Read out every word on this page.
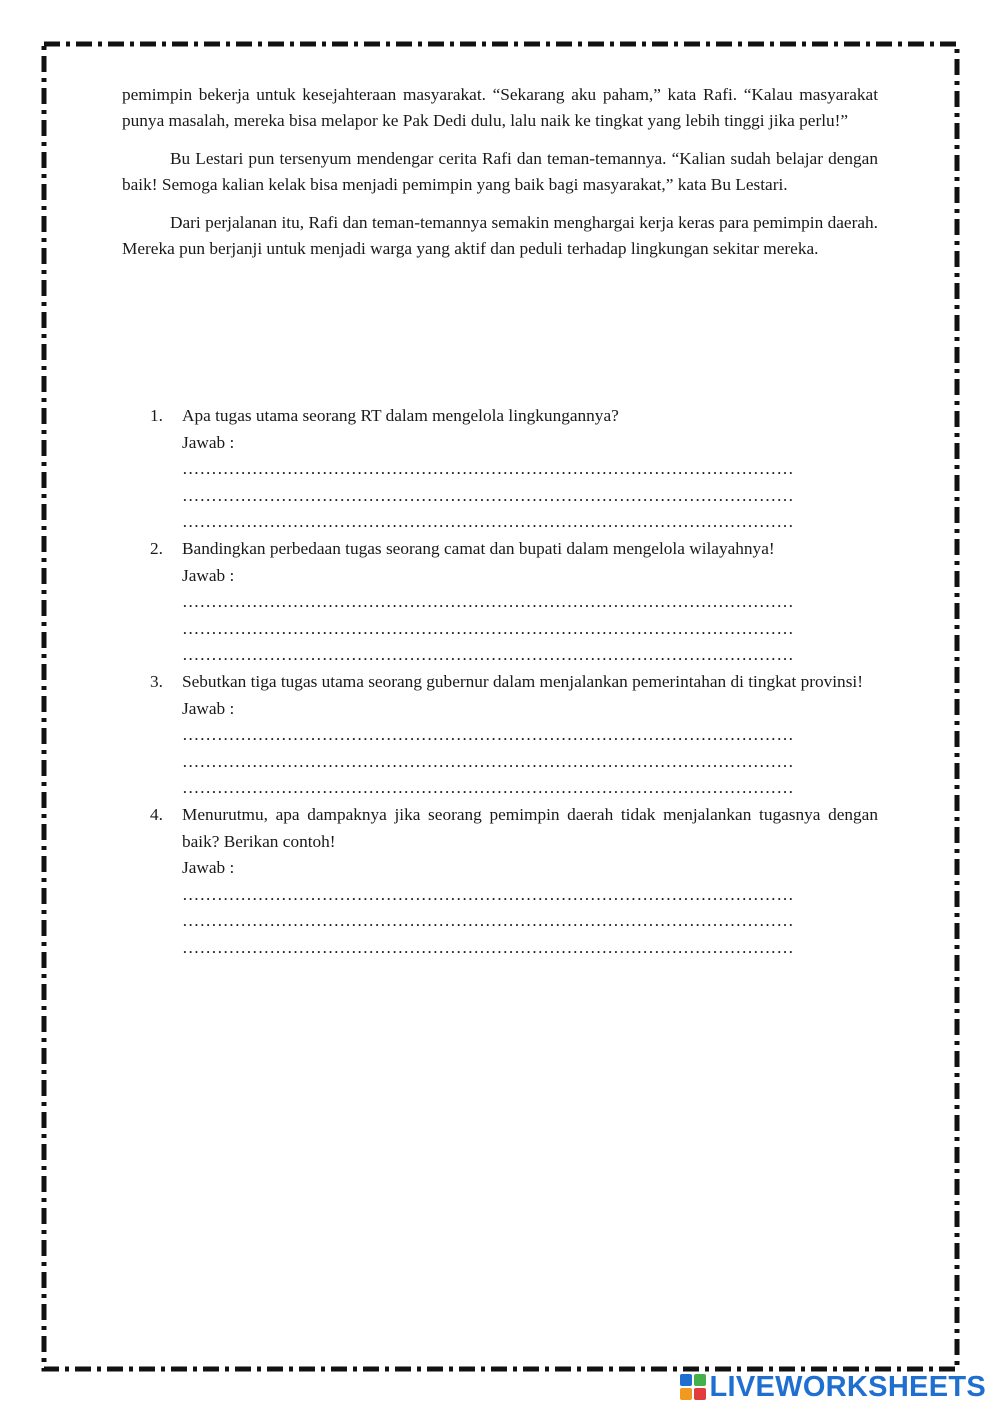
pemimpin bekerja untuk kesejahteraan masyarakat. “Sekarang aku paham,” kata Rafi. “Kalau masyarakat punya masalah, mereka bisa melapor ke Pak Dedi dulu, lalu naik ke tingkat yang lebih tinggi jika perlu!”

Bu Lestari pun tersenyum mendengar cerita Rafi dan teman-temannya. “Kalian sudah belajar dengan baik! Semoga kalian kelak bisa menjadi pemimpin yang baik bagi masyarakat,” kata Bu Lestari.

Dari perjalanan itu, Rafi dan teman-temannya semakin menghargai kerja keras para pemimpin daerah. Mereka pun berjanji untuk menjadi warga yang aktif dan peduli terhadap lingkungan sekitar mereka.

1. Apa tugas utama seorang RT dalam mengelola lingkungannya?
Jawab :
……………………………………………………………………………………………
……………………………………………………………………………………………
……………………………………………………………………………………………
2. Bandingkan perbedaan tugas seorang camat dan bupati dalam mengelola wilayahnya!
Jawab :
……………………………………………………………………………………………
……………………………………………………………………………………………
……………………………………………………………………………………………
3. Sebutkan tiga tugas utama seorang gubernur dalam menjalankan pemerintahan di tingkat provinsi!
Jawab :
……………………………………………………………………………………………
……………………………………………………………………………………………
……………………………………………………………………………………………
4. Menurutmu, apa dampaknya jika seorang pemimpin daerah tidak menjalankan tugasnya dengan baik? Berikan contoh!
Jawab :
……………………………………………………………………………………………
……………………………………………………………………………………………
……………………………………………………………………………………………
LIVEWORKSHEETS
